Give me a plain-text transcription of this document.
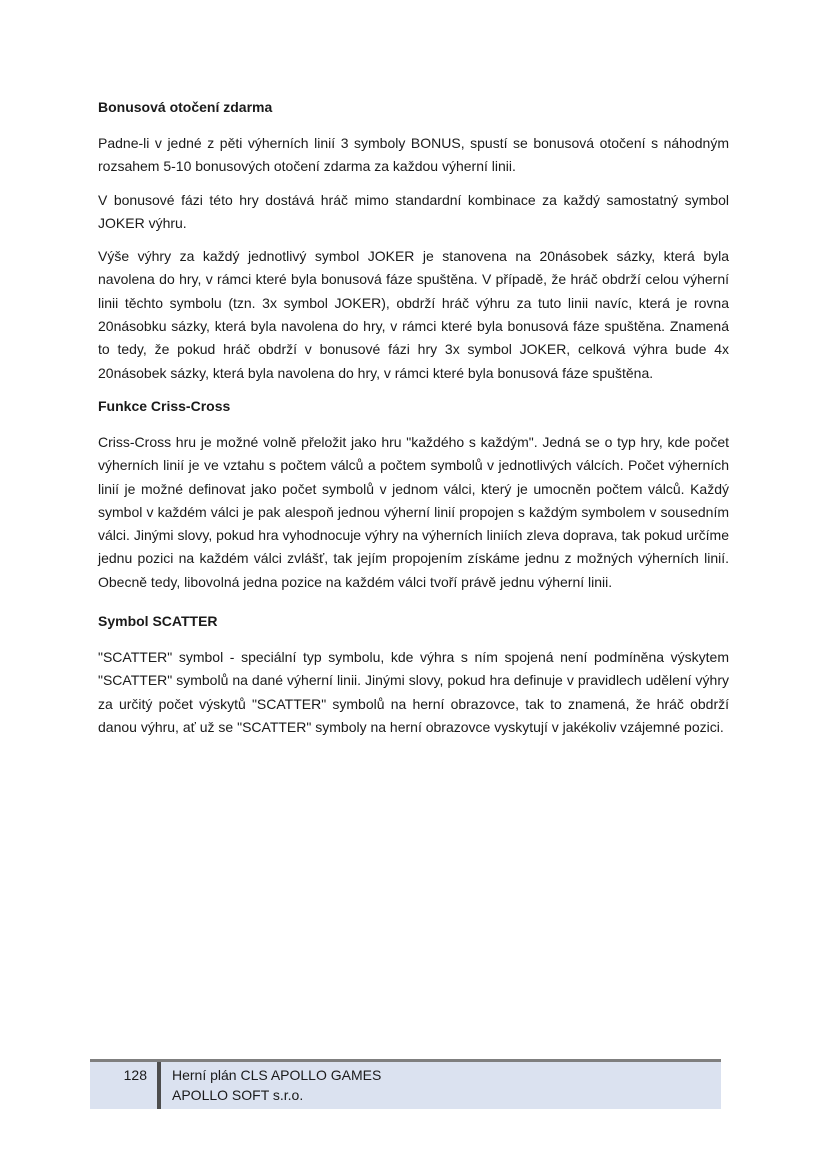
Bonusová otočení zdarma

Padne-li v jedné z pěti výherních linií 3 symboly BONUS, spustí se bonusová otočení s náhodným rozsahem 5-10 bonusových otočení zdarma za každou výherní linii.

V bonusové fázi této hry dostává hráč mimo standardní kombinace za každý samostatný symbol JOKER výhru.

Výše výhry za každý jednotlivý symbol JOKER je stanovena na 20násobek sázky, která byla navolena do hry, v rámci které byla bonusová fáze spuštěna. V případě, že hráč obdrží celou výherní linii těchto symbolu (tzn. 3x symbol JOKER), obdrží hráč výhru za tuto linii navíc, která je rovna 20násobku sázky, která byla navolena do hry, v rámci které byla bonusová fáze spuštěna. Znamená to tedy, že pokud hráč obdrží v bonusové fázi hry 3x symbol JOKER, celková výhra bude 4x 20násobek sázky, která byla navolena do hry, v rámci které byla bonusová fáze spuštěna.

Funkce Criss-Cross

Criss-Cross hru je možné volně přeložit jako hru "každého s každým". Jedná se o typ hry, kde počet výherních linií je ve vztahu s počtem válců a počtem symbolů v jednotlivých válcích. Počet výherních linií je možné definovat jako počet symbolů v jednom válci, který je umocněn počtem válců. Každý symbol v každém válci je pak alespoň jednou výherní linií propojen s každým symbolem v sousedním válci. Jinými slovy, pokud hra vyhodnocuje výhry na výherních liniích zleva doprava, tak pokud určíme jednu pozici na každém válci zvlášť, tak jejím propojením získáme jednu z možných výherních linií. Obecně tedy, libovolná jedna pozice na každém válci tvoří právě jednu výherní linii.

Symbol SCATTER

"SCATTER" symbol - speciální typ symbolu, kde výhra s ním spojená není podmíněna výskytem "SCATTER" symbolů na dané výherní linii. Jinými slovy, pokud hra definuje v pravidlech udělení výhry za určitý počet výskytů "SCATTER" symbolů na herní obrazovce, tak to znamená, že hráč obdrží danou výhru, ať už se "SCATTER" symboly na herní obrazovce vyskytují v jakékoliv vzájemné pozici.

128	Herní plán CLS APOLLO GAMES
APOLLO SOFT s.r.o.
